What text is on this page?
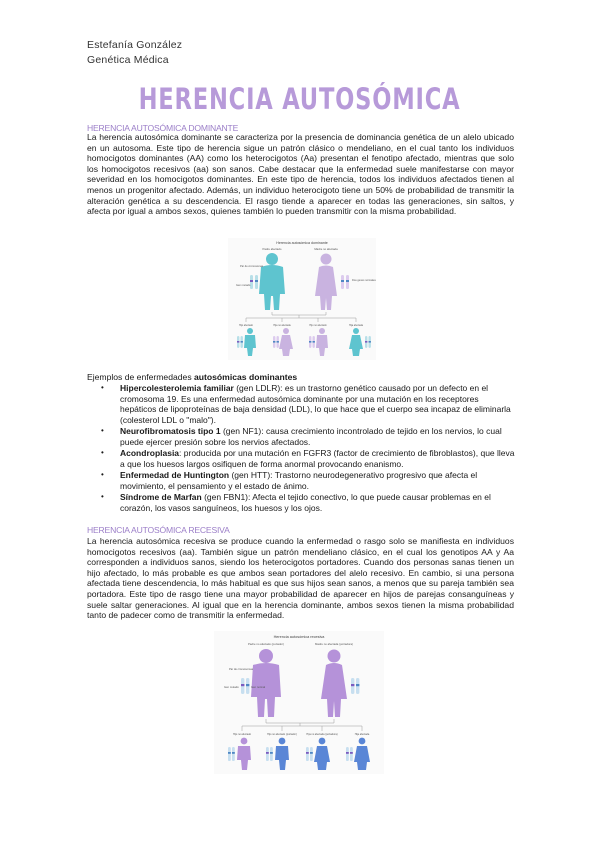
Estefanía González
Genética Médica
HERENCIA AUTOSÓMICA
HERENCIA AUTOSÓMICA DOMINANTE
La herencia autosómica dominante se caracteriza por la presencia de dominancia genética de un alelo ubicado en un autosoma. Este tipo de herencia sigue un patrón clásico o mendeliano, en el cual tanto los individuos homocigotos dominantes (AA) como los heterocigotos (Aa) presentan el fenotipo afectado, mientras que solo los homocigotos recesivos (aa) son sanos. Cabe destacar que la enfermedad suele manifestarse con mayor severidad en los homocigotos dominantes. En este tipo de herencia, todos los individuos afectados tienen al menos un progenitor afectado. Además, un individuo heterocigoto tiene un 50% de probabilidad de transmitir la alteración genética a su descendencia. El rasgo tiende a aparecer en todas las generaciones, sin saltos, y afecta por igual a ambos sexos, quienes también lo pueden transmitir con la misma probabilidad.
Herencia autosómica dominante
Padre afectado	Madre no afectada
Par de cromosomas
Gen mutado
Dos genes normales
Hijo afectado	Hija no afectada	Hijo no afectado	Hija afectada
Ejemplos de enfermedades autosómicas dominantes
• Hipercolesterolemia familiar (gen LDLR): es un trastorno genético causado por un defecto en el cromosoma 19. Es una enfermedad autosómica dominante por una mutación en los receptores hepáticos de lipoproteínas de baja densidad (LDL), lo que hace que el cuerpo sea incapaz de eliminarla (colesterol LDL o "malo").
• Neurofibromatosis tipo 1 (gen NF1): causa crecimiento incontrolado de tejido en los nervios, lo cual puede ejercer presión sobre los nervios afectados.
• Acondroplasia: producida por una mutación en FGFR3 (factor de crecimiento de fibroblastos), que lleva a que los huesos largos osifiquen de forma anormal provocando enanismo.
• Enfermedad de Huntington (gen HTT): Trastorno neurodegenerativo progresivo que afecta el movimiento, el pensamiento y el estado de ánimo.
• Síndrome de Marfan (gen FBN1): Afecta el tejido conectivo, lo que puede causar problemas en el corazón, los vasos sanguíneos, los huesos y los ojos.
HERENCIA AUTOSÓMICA RECESIVA
La herencia autosómica recesiva se produce cuando la enfermedad o rasgo solo se manifiesta en individuos homocigotos recesivos (aa). También sigue un patrón mendeliano clásico, en el cual los genotipos AA y Aa corresponden a individuos sanos, siendo los heterocigotos portadores. Cuando dos personas sanas tienen un hijo afectado, lo más probable es que ambos sean portadores del alelo recesivo. En cambio, si una persona afectada tiene descendencia, lo más habitual es que sus hijos sean sanos, a menos que su pareja también sea portadora. Este tipo de rasgo tiene una mayor probabilidad de aparecer en hijos de parejas consanguíneas y suele saltar generaciones. Al igual que en la herencia dominante, ambos sexos tienen la misma probabilidad tanto de padecer como de transmitir la enfermedad.
Herencia autosómica recesiva
Padre no afectado (portador)	Madre no afectada (portadora)
Par de cromosomas
Gen mutado	Gen normal
Hijo no afectado	Hijo no afectado (portador)	Hija no afectada (portadora)	Hija afectada
